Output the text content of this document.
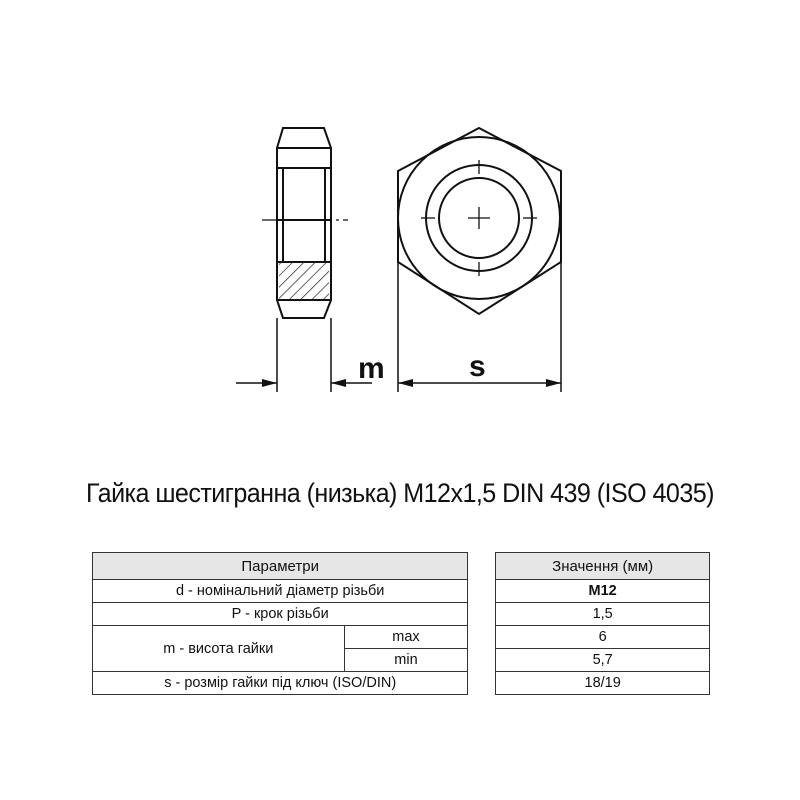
m	s
Гайка шестигранна (низька) М12х1,5 DIN 439 (ISO 4035)
Параметри			Значення (мм)
d - номінальний діаметр різьби			М12
P - крок різьби			1,5
m - висота гайки	max		6
	min		5,7
s - розмір гайки під ключ (ISO/DIN)			18/19
